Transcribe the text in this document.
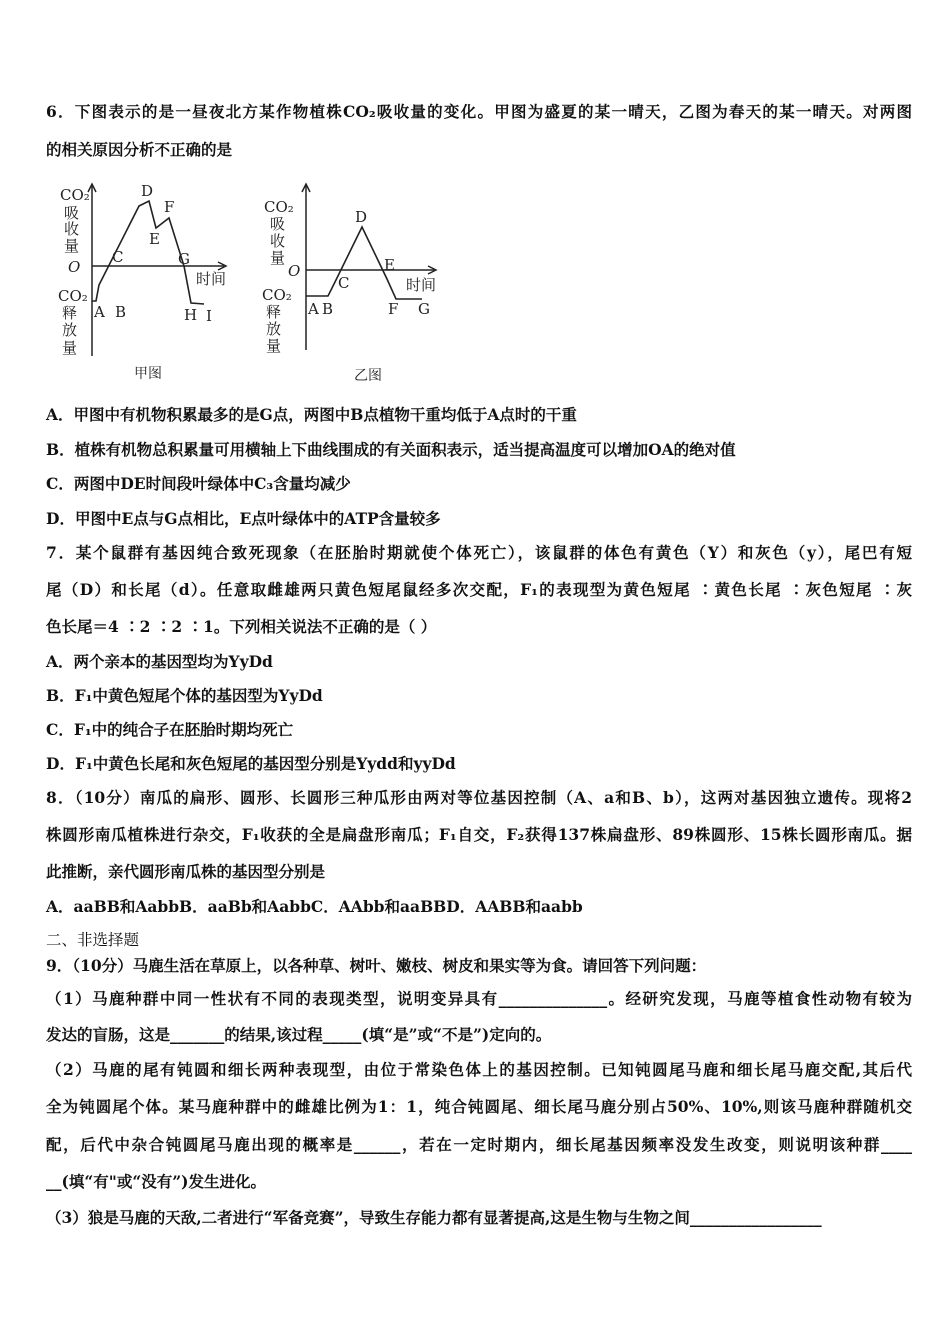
6．下图表示的是一昼夜北方某作物植株CO₂吸收量的变化。甲图为盛夏的某一晴天，乙图为春天的某一晴天。对两图
的相关原因分析不正确的是
CO₂
吸
收
量
O
CO₂
释
放
量
时间
A B
C
D
E
F
G
H I
甲图
CO₂
吸
收
量
O
CO₂
释
放
量
时间
A B
C
D
E
F G
乙图
A．甲图中有机物积累最多的是G点，两图中B点植物干重均低于A点时的干重
B．植株有机物总积累量可用横轴上下曲线围成的有关面积表示，适当提高温度可以增加OA的绝对值
C．两图中DE时间段叶绿体中C₃含量均减少
D．甲图中E点与G点相比，E点叶绿体中的ATP含量较多
7．某个鼠群有基因纯合致死现象（在胚胎时期就使个体死亡），该鼠群的体色有黄色（Y）和灰色（y），尾巴有短
尾（D）和长尾（d）。任意取雌雄两只黄色短尾鼠经多次交配，F₁的表现型为黄色短尾 ∶黄色长尾 ∶灰色短尾 ∶灰
色长尾＝4 ∶2 ∶2 ∶1。下列相关说法不正确的是（ ）
A．两个亲本的基因型均为YyDd
B．F₁中黄色短尾个体的基因型为YyDd
C．F₁中的纯合子在胚胎时期均死亡
D．F₁中黄色长尾和灰色短尾的基因型分别是Yydd和yyDd
8．（10分）南瓜的扁形、圆形、长圆形三种瓜形由两对等位基因控制（A、a和B、b），这两对基因独立遗传。现将2
株圆形南瓜植株进行杂交，F₁收获的全是扁盘形南瓜；F₁自交，F₂获得137株扁盘形、89株圆形、15株长圆形南瓜。据
此推断，亲代圆形南瓜株的基因型分别是
A．aaBB和AabbB．aaBb和AabbC．AAbb和aaBBD．AABB和aabb
二、非选择题
9．（10分）马鹿生活在草原上，以各种草、树叶、嫩枝、树皮和果实等为食。请回答下列问题：
（1）马鹿种群中同一性状有不同的表现类型，说明变异具有______________。经研究发现，马鹿等植食性动物有较为
发达的盲肠，这是_______的结果,该过程_____(填“是”或“不是”)定向的。
（2）马鹿的尾有钝圆和细长两种表现型，由位于常染色体上的基因控制。已知钝圆尾马鹿和细长尾马鹿交配,其后代
全为钝圆尾个体。某马鹿种群中的雌雄比例为1：1，纯合钝圆尾、细长尾马鹿分别占50%、10%,则该马鹿种群随机交
配，后代中杂合钝圆尾马鹿出现的概率是______，若在一定时期内，细长尾基因频率没发生改变，则说明该种群____
__(填“有"或“没有”)发生进化。
（3）狼是马鹿的天敌,二者进行“军备竞赛”，导致生存能力都有显著提高,这是生物与生物之间_________________
